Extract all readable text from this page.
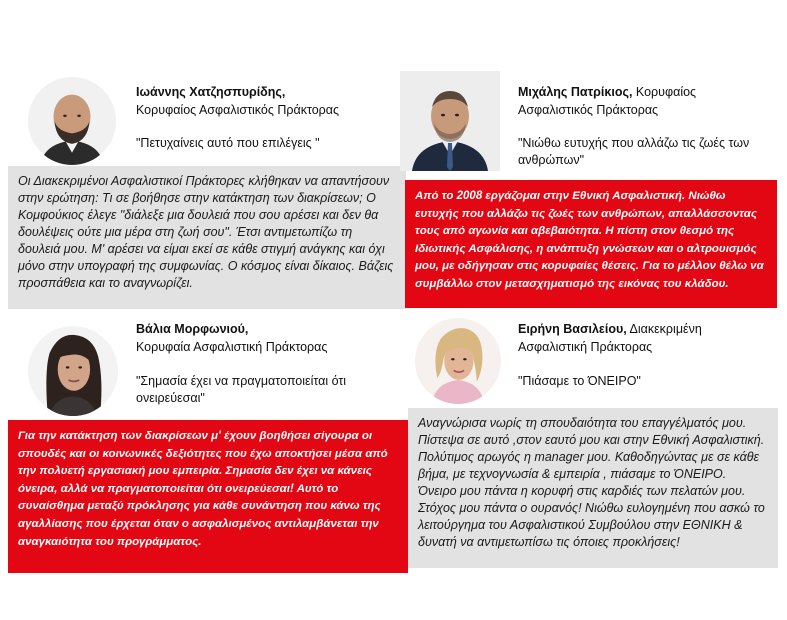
Ιωάννης Χατζησπυρίδης,
Κορυφαίος Ασφαλιστικός Πράκτορας
"Πετυχαίνεις αυτό που επιλέγεις "
Οι Διακεκριμένοι Ασφαλιστικοί Πράκτορες κλήθηκαν να απαντήσουν στην ερώτηση: Τι σε βοήθησε στην κατάκτηση των διακρίσεων; Ο Κομφούκιος έλεγε "διάλεξε μια δουλειά που σου αρέσει και δεν θα δουλέψεις ούτε μια μέρα στη ζωή σου". Έτσι αντιμετωπίζω τη δουλειά μου. Μ' αρέσει να είμαι εκεί σε κάθε στιγμή ανάγκης και όχι μόνο στην υπογραφή της συμφωνίας. Ο κόσμος είναι δίκαιος. Βάζεις προσπάθεια και το αναγνωρίζει.
Μιχάλης Πατρίκιος, Κορυφαίος
Ασφαλιστικός Πράκτορας
"Νιώθω ευτυχής που αλλάζω τις ζωές των ανθρώπων"
Από το 2008 εργάζομαι στην Εθνική Ασφαλιστική. Νιώθω ευτυχής που αλλάζω τις ζωές των ανθρώπων, απαλλάσσοντας τους από αγωνία και αβεβαιότητα. Η πίστη στον θεσμό της Ιδιωτικής Ασφάλισης, η ανάπτυξη γνώσεων και ο αλτρουισμός μου, με οδήγησαν στις κορυφαίες θέσεις. Για το μέλλον θέλω να συμβάλλω στον μετασχηματισμό της εικόνας του κλάδου.
Βάλια Μορφωνιού,
Κορυφαία Ασφαλιστική Πράκτορας
"Σημασία έχει να πραγματοποιείται ότι ονειρεύεσαι"
Για την κατάκτηση των διακρίσεων μ' έχουν βοηθήσει σίγουρα οι σπουδές και οι κοινωνικές δεξιότητες που έχω αποκτήσει μέσα από την πολυετή εργασιακή μου εμπειρία. Σημασία δεν έχει να κάνεις όνειρα, αλλά να πραγματοποιείται ότι ονειρεύεσαι! Αυτό το συναίσθημα μεταξύ πρόκλησης για κάθε συνάντηση που κάνω της αγαλλίασης που έρχεται όταν ο ασφαλισμένος αντιλαμβάνεται την αναγκαιότητα του προγράμματος.
Ειρήνη Βασιλείου, Διακεκριμένη
Ασφαλιστική Πράκτορας
"Πιάσαμε το ΌΝΕΙΡΟ"
Αναγνώρισα νωρίς τη σπουδαιότητα του επαγγέλματός μου. Πίστεψα σε αυτό ,στον εαυτό μου και στην Εθνική Ασφαλιστική. Πολύτιμος αρωγός η manager μου. Καθοδηγώντας με σε κάθε βήμα, με τεχνογνωσία & εμπειρία , πιάσαμε το ΌΝΕΙΡΟ. Όνειρο μου πάντα η κορυφή στις καρδιές των πελατών μου. Στόχος μου πάντα ο ουρανός! Νιώθω ευλογημένη που ασκώ το λειτούργημα του Ασφαλιστικού Συμβούλου στην ΕΘΝΙΚΗ & δυνατή να αντιμετωπίσω τις όποιες προκλήσεις!
